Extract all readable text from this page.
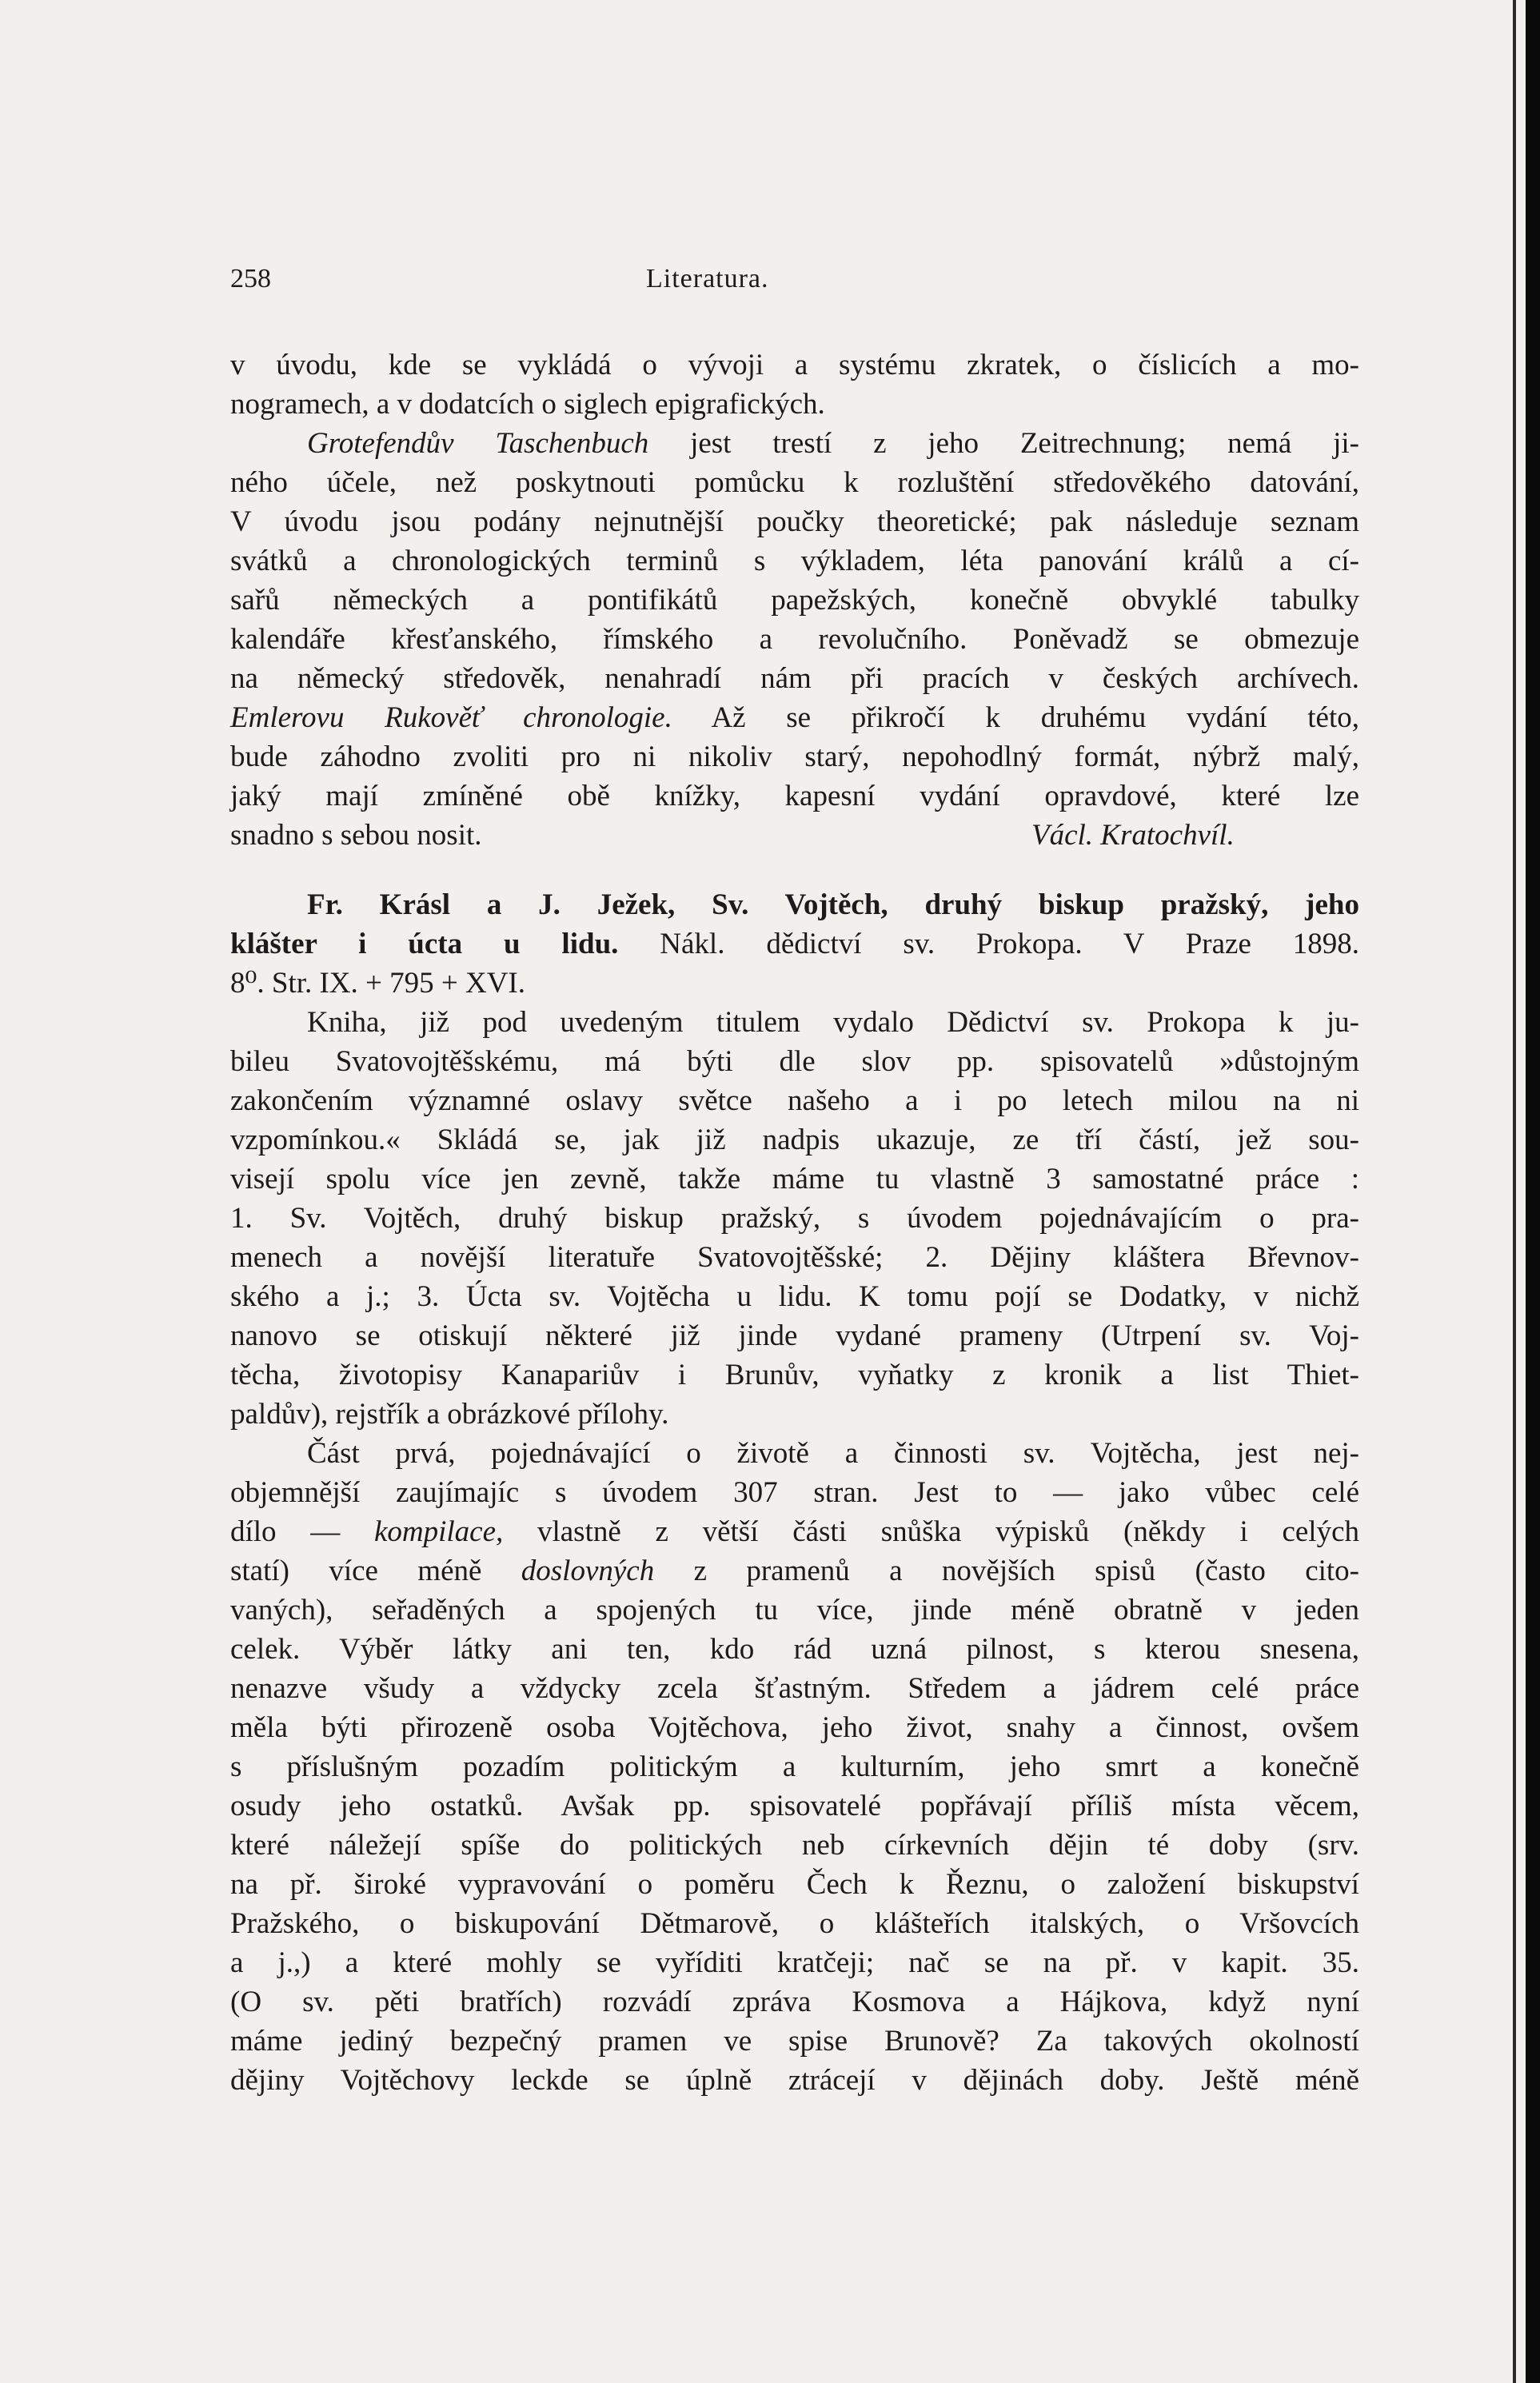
258	Literatura.
v úvodu, kde se vykládá o vývoji a systému zkratek, o číslicích a mo-
nogramech, a v dodatcích o siglech epigrafických.
Grotefendův Taschenbuch jest trestí z jeho Zeitrechnung; nemá ji-
ného účele, než poskytnouti pomůcku k rozluštění středověkého datování,
V úvodu jsou podány nejnutnější poučky theoretické; pak následuje seznam
svátků a chronologických terminů s výkladem, léta panování králů a cí-
sařů německých a pontifikátů papežských, konečně obvyklé tabulky
kalendáře křesťanského, římského a revolučního. Poněvadž se obmezuje
na německý středověk, nenahradí nám při pracích v českých archívech.
Emlerovu Rukověť chronologie. Až se přikročí k druhému vydání této,
bude záhodno zvoliti pro ni nikoliv starý, nepohodlný formát, nýbrž malý,
jaký mají zmíněné obě knížky, kapesní vydání opravdové, které lze
snadno s sebou nosit.	Václ. Kratochvíl.
Fr. Krásl a J. Ježek, Sv. Vojtěch, druhý biskup pražský, jeho
klášter i úcta u lidu. Nákl. dědictví sv. Prokopa. V Praze 1898.
8⁰. Str. IX. + 795 + XVI.
Kniha, již pod uvedeným titulem vydalo Dědictví sv. Prokopa k ju-
bileu Svatovojtěšskému, má býti dle slov pp. spisovatelů »důstojným
zakončením významné oslavy světce našeho a i po letech milou na ni
vzpomínkou.« Skládá se, jak již nadpis ukazuje, ze tří částí, jež sou-
visejí spolu více jen zevně, takže máme tu vlastně 3 samostatné práce :
1. Sv. Vojtěch, druhý biskup pražský, s úvodem pojednávajícím o pra-
menech a novější literatuře Svatovojtěšské; 2. Dějiny kláštera Břevnov-
ského a j.; 3. Úcta sv. Vojtěcha u lidu. K tomu pojí se Dodatky, v nichž
nanovo se otiskují některé již jinde vydané prameny (Utrpení sv. Voj-
těcha, životopisy Kanapariův i Brunův, vyňatky z kronik a list Thiet-
paldův), rejstřík a obrázkové přílohy.
Část prvá, pojednávající o životě a činnosti sv. Vojtěcha, jest nej-
objemnější zaujímajíc s úvodem 307 stran. Jest to — jako vůbec celé
dílo — kompilace, vlastně z větší části snůška výpisků (někdy i celých
statí) více méně doslovných z pramenů a novějších spisů (často cito-
vaných), seřaděných a spojených tu více, jinde méně obratně v jeden
celek. Výběr látky ani ten, kdo rád uzná pilnost, s kterou snesena,
nenazve všudy a vždycky zcela šťastným. Středem a jádrem celé práce
měla býti přirozeně osoba Vojtěchova, jeho život, snahy a činnost, ovšem
s příslušným pozadím politickým a kulturním, jeho smrt a konečně
osudy jeho ostatků. Avšak pp. spisovatelé popřávají příliš místa věcem,
které náležejí spíše do politických neb církevních dějin té doby (srv.
na př. široké vypravování o poměru Čech k Řeznu, o založení biskupství
Pražského, o biskupování Dětmarově, o klášteřích italských, o Vršovcích
a j.,) a které mohly se vyříditi kratčeji; nač se na př. v kapit. 35.
(O sv. pěti bratřích) rozvádí zpráva Kosmova a Hájkova, když nyní
máme jediný bezpečný pramen ve spise Brunově? Za takových okolností
dějiny Vojtěchovy leckde se úplně ztrácejí v dějinách doby. Ještě méně
